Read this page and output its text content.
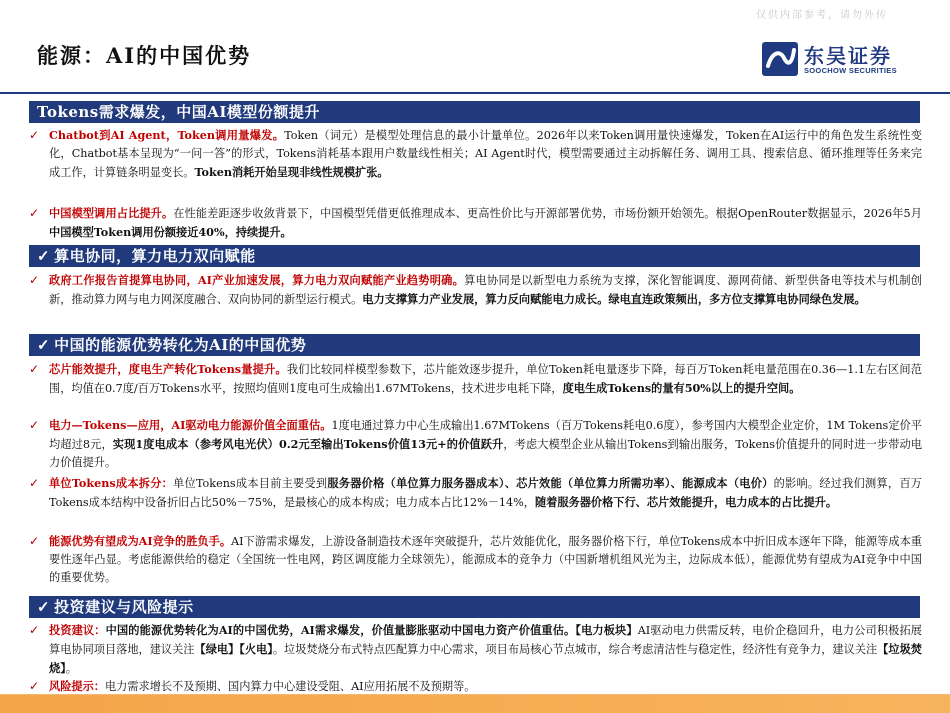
仅供内部参考，请勿外传
能源：AI的中国优势	东吴证券
SOOCHOW SECURITIES
Tokens需求爆发，中国AI模型份额提升
✓ Chatbot到AI Agent，Token调用量爆发。Token（词元）是模型处理信息的最小计量单位。2026年以来Token调用量快速爆发，Token在AI运行中的角色发生系统性变化，Chatbot基本呈现为“一问一答”的形式，Tokens消耗基本跟用户数量线性相关；AI Agent时代，模型需要通过主动拆解任务、调用工具、搜索信息、循环推理等任务来完成工作，计算链条明显变长。Token消耗开始呈现非线性规模扩张。
✓ 中国模型调用占比提升。在性能差距逐步收敛背景下，中国模型凭借更低推理成本、更高性价比与开源部署优势，市场份额开始领先。根据OpenRouter数据显示，2026年5月中国模型Token调用份额接近40%，持续提升。
✓ 算电协同，算力电力双向赋能
✓ 政府工作报告首提算电协同，AI产业加速发展，算力电力双向赋能产业趋势明确。算电协同是以新型电力系统为支撑，深化智能调度、源网荷储、新型供备电等技术与机制创新，推动算力网与电力网深度融合、双向协同的新型运行模式。电力支撑算力产业发展，算力反向赋能电力成长。绿电直连政策频出，多方位支撑算电协同绿色发展。
✓ 中国的能源优势转化为AI的中国优势
✓ 芯片能效提升，度电生产转化Tokens量提升。我们比较同样模型参数下，芯片能效逐步提升，单位Token耗电量逐步下降，每百万Token耗电量范围在0.36—1.1左右区间范围，均值在0.7度/百万Tokens水平，按照均值则1度电可生成输出1.67MTokens，技术进步电耗下降，度电生成Tokens的量有50%以上的提升空间。
✓ 电力—Tokens—应用，AI驱动电力能源价值全面重估。1度电通过算力中心生成输出1.67MTokens（百万Tokens耗电0.6度），参考国内大模型企业定价，1M Tokens定价平均超过8元，实现1度电成本（参考风电光伏）0.2元至输出Tokens价值13元+的价值跃升，考虑大模型企业从输出Tokens到输出服务，Tokens价值提升的同时进一步带动电力价值提升。
✓ 单位Tokens成本拆分：单位Tokens成本目前主要受到服务器价格（单位算力服务器成本）、芯片效能（单位算力所需功率）、能源成本（电价）的影响。经过我们测算，百万Tokens成本结构中设备折旧占比50%－75%，是最核心的成本构成；电力成本占比12%－14%，随着服务器价格下行、芯片效能提升，电力成本的占比提升。
✓ 能源优势有望成为AI竞争的胜负手。AI下游需求爆发，上游设备制造技术逐年突破提升，芯片效能优化，服务器价格下行，单位Tokens成本中折旧成本逐年下降，能源等成本重要性逐年凸显。考虑能源供给的稳定（全国统一性电网，跨区调度能力全球领先），能源成本的竞争力（中国新增机组风光为主，边际成本低），能源优势有望成为AI竞争中中国的重要优势。
✓ 投资建议与风险提示
✓ 投资建议：中国的能源优势转化为AI的中国优势，AI需求爆发，价值量膨胀驱动中国电力资产价值重估。【电力板块】AI驱动电力供需反转，电价企稳回升，电力公司积极拓展算电协同项目落地，建议关注【绿电】【火电】。垃圾焚烧分布式特点匹配算力中心需求，项目布局核心节点城市，综合考虑清洁性与稳定性，经济性有竞争力，建议关注【垃圾焚烧】。
✓ 风险提示：电力需求增长不及预期、国内算力中心建设受阻、AI应用拓展不及预期等。
